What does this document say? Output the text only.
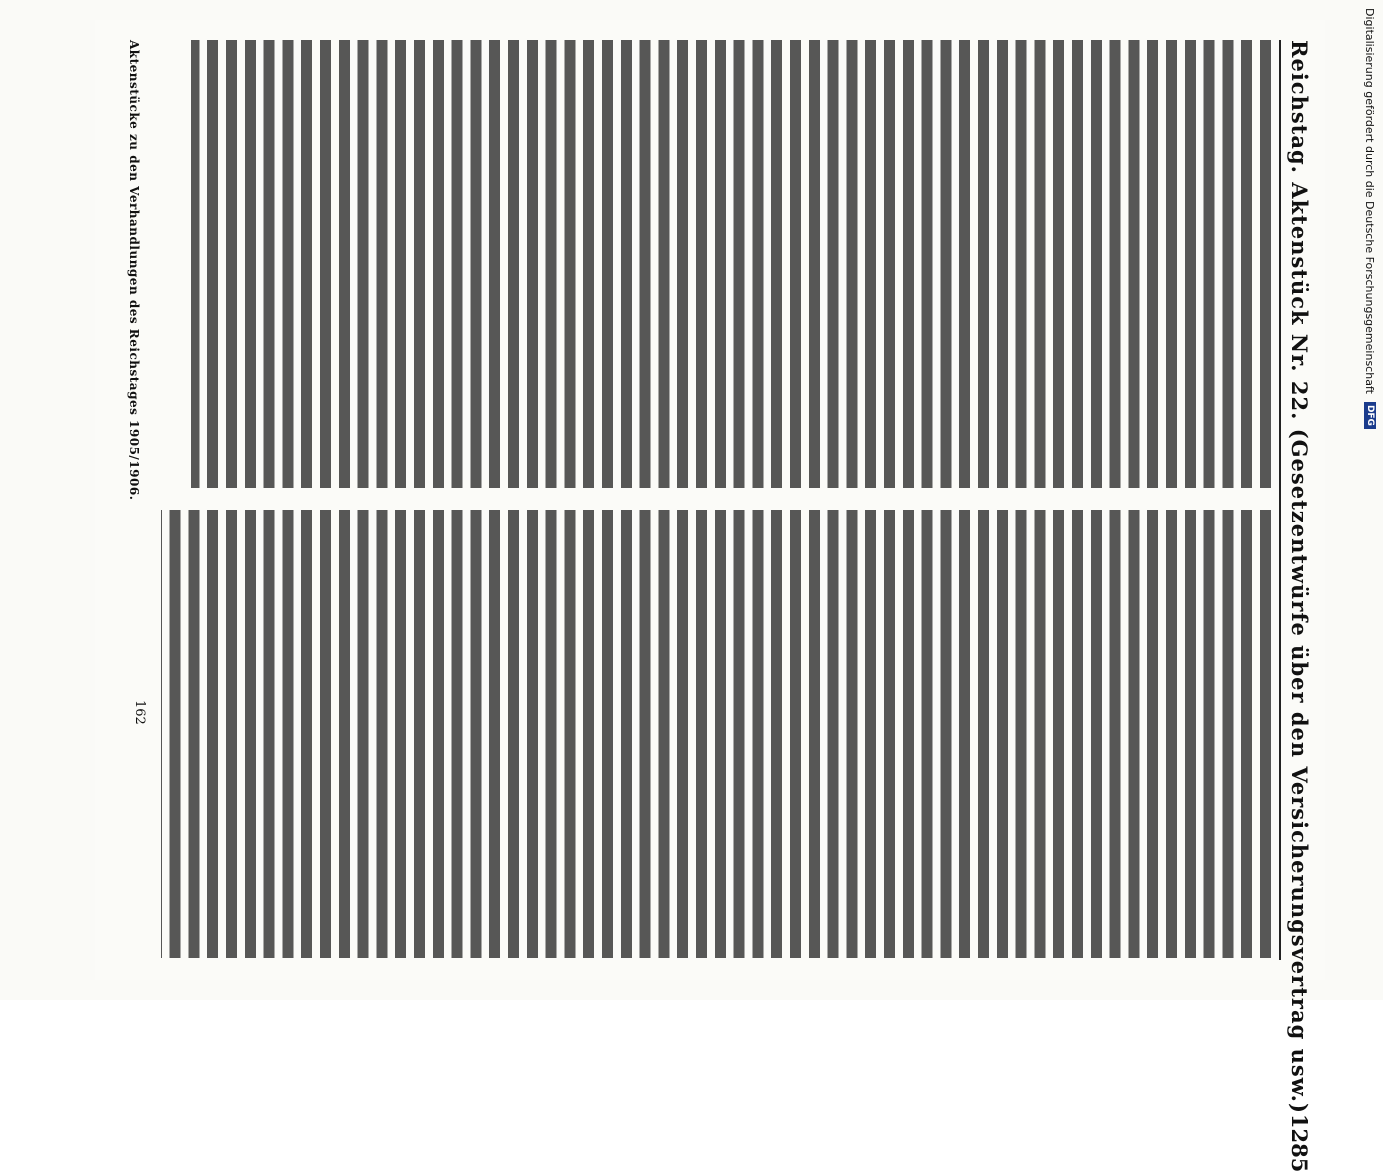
Reichstag. Aktenstück Nr. 22. (Gesetzentwürfe über den Versicherungsvertrag usw.)
1285
Aktenstücke zu den Verhandlungen des Reichstages 1905/1906.
162
Digitalisierung gefördert durch die Deutsche Forschungsgemeinschaft
DFG
